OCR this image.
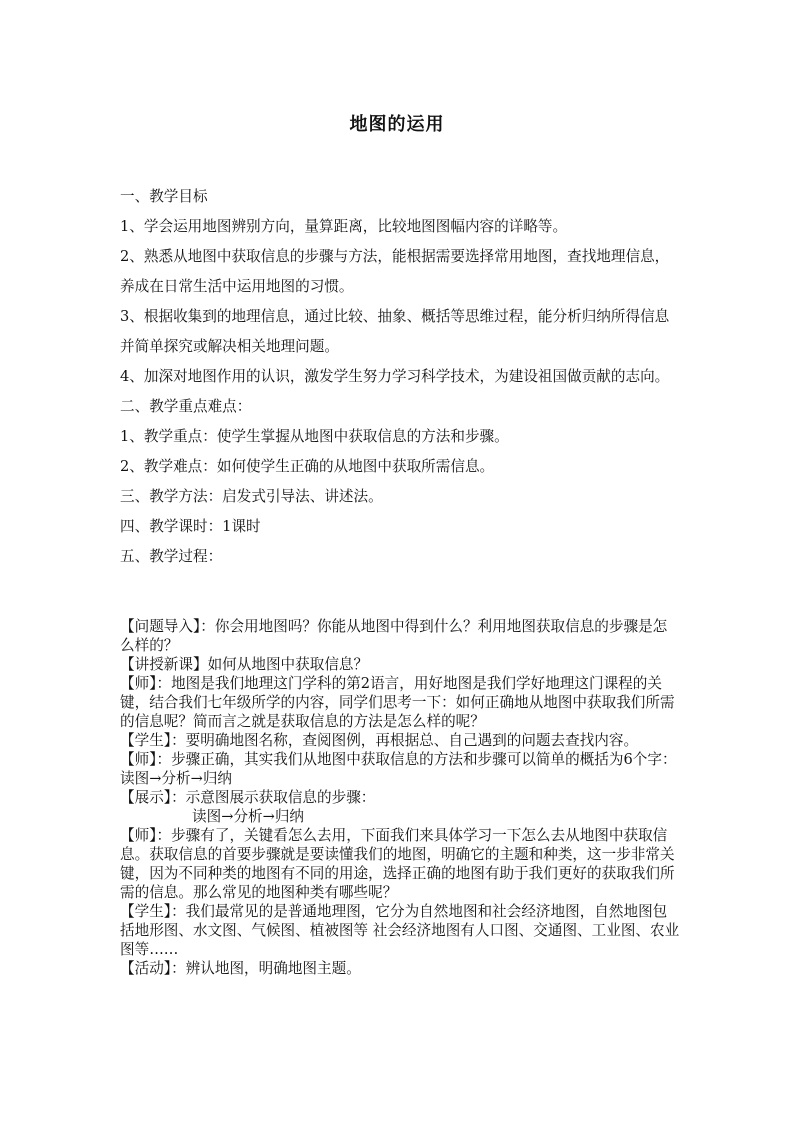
地图的运用
一、教学目标
1、学会运用地图辨别方向，量算距离，比较地图图幅内容的详略等。
2、熟悉从地图中获取信息的步骤与方法，能根据需要选择常用地图，查找地理信息，养成在日常生活中运用地图的习惯。
3、根据收集到的地理信息，通过比较、抽象、概括等思维过程，能分析归纳所得信息并简单探究或解决相关地理问题。
4、加深对地图作用的认识，激发学生努力学习科学技术，为建设祖国做贡献的志向。
二、教学重点难点：
1、教学重点：使学生掌握从地图中获取信息的方法和步骤。
2、教学难点：如何使学生正确的从地图中获取所需信息。
三、教学方法：启发式引导法、讲述法。
四、教学课时：1课时
五、教学过程：
【问题导入】：你会用地图吗？你能从地图中得到什么？利用地图获取信息的步骤是怎么样的？
【讲授新课】如何从地图中获取信息？
【师】：地图是我们地理这门学科的第2语言，用好地图是我们学好地理这门课程的关键，结合我们七年级所学的内容，同学们思考一下：如何正确地从地图中获取我们所需的信息呢？简而言之就是获取信息的方法是怎么样的呢？
【学生】：要明确地图名称，查阅图例，再根据总、自己遇到的问题去查找内容。
【师】：步骤正确，其实我们从地图中获取信息的方法和步骤可以简单的概括为6个字： 读图→分析→归纳
【展示】：示意图展示获取信息的步骤：
读图→分析→归纳
【师】：步骤有了，关键看怎么去用，下面我们来具体学习一下怎么去从地图中获取信息。获取信息的首要步骤就是要读懂我们的地图，明确它的主题和种类，这一步非常关键，因为不同种类的地图有不同的用途，选择正确的地图有助于我们更好的获取我们所需的信息。那么常见的地图种类有哪些呢？
【学生】：我们最常见的是普通地理图，它分为自然地图和社会经济地图，自然地图包括地形图、水文图、气候图、植被图等 社会经济地图有人口图、交通图、工业图、农业图等……
【活动】：辨认地图，明确地图主题。
